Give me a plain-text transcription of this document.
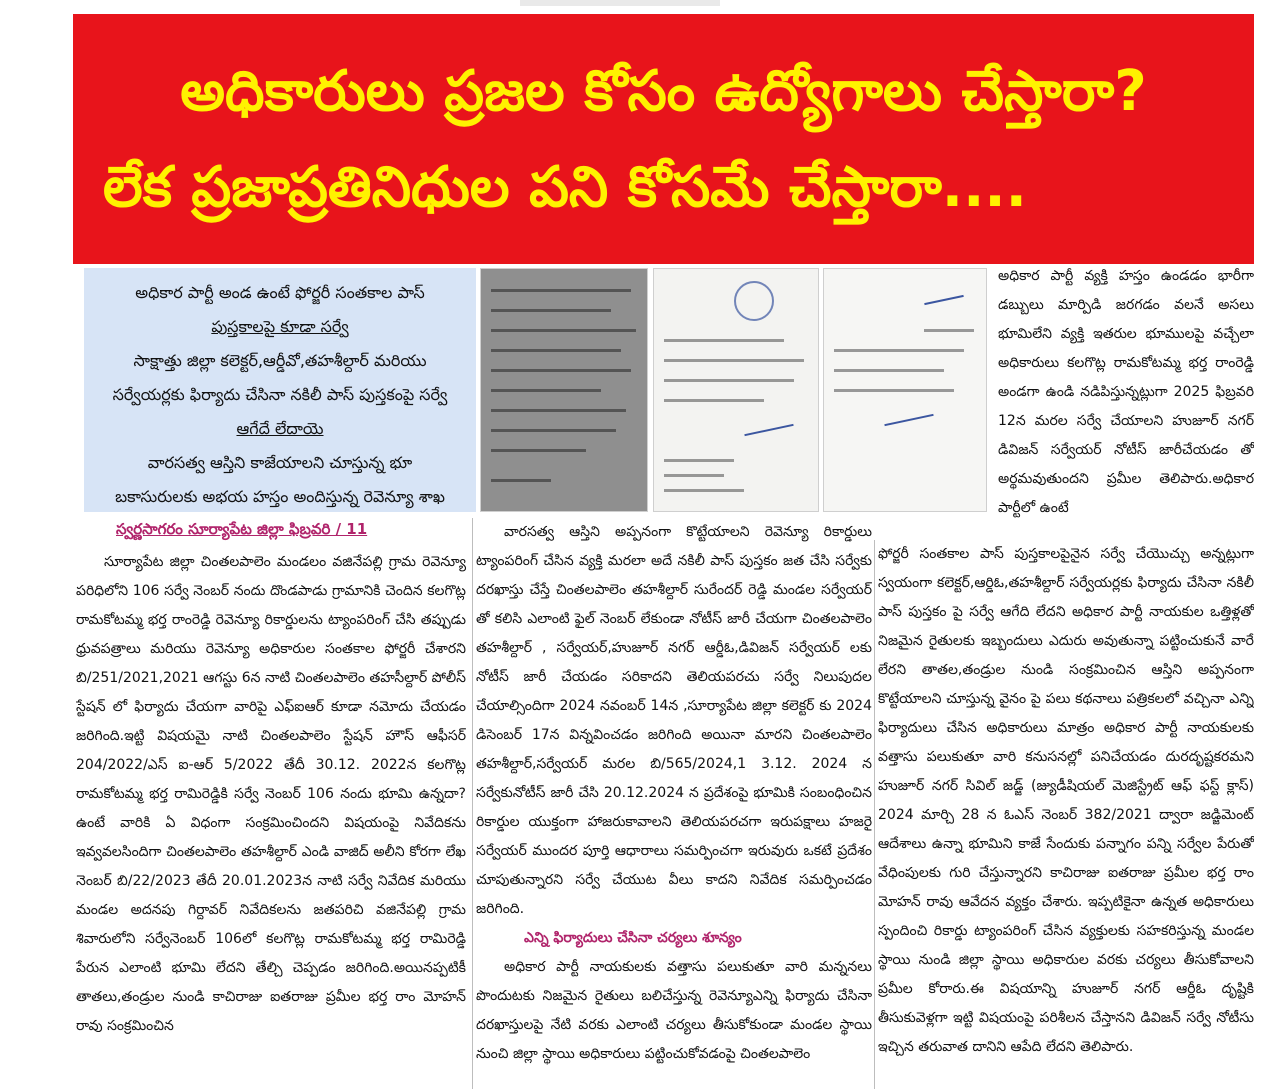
అధికారులు ప్రజల కోసం ఉద్యోగాలు చేస్తారా?
లేక ప్రజాప్రతినిధుల పని కోసమే చేస్తారా....
అధికార పార్టీ అండ ఉంటే ఫోర్జరీ సంతకాల పాస్
పుస్తకాలపై కూడా సర్వే
సాక్షాత్తు జిల్లా కలెక్టర్,ఆర్డీవో,తహశీల్దార్ మరియు
సర్వేయర్లకు ఫిర్యాదు చేసినా నకిలీ పాస్ పుస్తకంపై సర్వే
ఆగేదే లేదాయె
వారసత్వ ఆస్తిని కాజేయాలని చూస్తున్న భూ
బకాసురులకు అభయ హస్తం అందిస్తున్న రెవెన్యూ శాఖ

అధికార పార్టీ వ్యక్తి హస్తం ఉండడం భారీగా డబ్బులు మార్పిడి జరగడం వలనే అసలు భూమిలేని వ్యక్తి ఇతరుల భూములపై వచ్చేలా అధికారులు కలగొట్ల రామకోటమ్మ భర్త రాంరెడ్డి అండగా ఉండి నడిపిస్తున్నట్లుగా 2025 ఫిబ్రవరి 12న మరల సర్వే చేయాలని హుజూర్ నగర్ డివిజన్ సర్వేయర్ నోటీస్ జారీచేయడం తో అర్థమవుతుందని ప్రమీల తెలిపారు.అధికార పార్టీలో ఉంటే

స్వర్ణసాగరం సూర్యాపేట జిల్లా ఫిబ్రవరి / 11

సూర్యాపేట జిల్లా చింతలపాలెం మండలం వజినేపల్లి గ్రామ రెవెన్యూ పరిధిలోని 106 సర్వే నెంబర్ నందు దొండపాడు గ్రామానికి చెందిన కలగొట్ల రామకోటమ్మ భర్త రాంరెడ్డి రెవెన్యూ రికార్డులను ట్యాంపరింగ్ చేసి తప్పుడు ధ్రువపత్రాలు మరియు రెవెన్యూ అధికారుల సంతకాల ఫోర్జరీ చేశారని బి/251/2021,2021 ఆగస్టు 6న నాటి చింతలపాలెం తహసీల్దార్ పోలీస్ స్టేషన్ లో ఫిర్యాదు చేయగా వారిపై ఎఫ్ఐఆర్ కూడా నమోదు చేయడం జరిగింది.ఇట్టి విషయమై నాటి చింతలపాలెం స్టేషన్ హౌస్ ఆఫీసర్ 204/2022/ఎస్ ఐ-ఆర్ 5/2022 తేదీ 30.12. 2022న కలగొట్ల రామకోటమ్మ భర్త రామిరెడ్డికి సర్వే నెంబర్ 106 నందు భూమి ఉన్నదా? ఉంటే వారికి ఏ విధంగా సంక్రమించిందని విషయంపై నివేదికను ఇవ్వవలసిందిగా చింతలపాలెం తహశీల్దార్ ఎండి వాజిద్ అలీని కోరగా లేఖ నెంబర్ బి/22/2023 తేదీ 20.01.2023న నాటి సర్వే నివేదిక మరియు మండల అదనపు గిర్దావర్ నివేదికలను జతపరిచి వజినేపల్లి గ్రామ శివారులోని సర్వేనెంబర్ 106లో కలగొట్ల రామకోటమ్మ భర్త రామిరెడ్డి పేరున ఎలాంటి భూమి లేదని తేల్చి చెప్పడం జరిగింది.అయినప్పటికీ తాతలు,తండ్రుల నుండి కాచిరాజు ఐతరాజు ప్రమీల భర్త రాం మోహన్ రావు సంక్రమించిన

వారసత్వ ఆస్తిని అప్పనంగా కొట్టేయాలని రెవెన్యూ రికార్డులు ట్యాంపరింగ్ చేసిన వ్యక్తి మరలా అదే నకిలీ పాస్ పుస్తకం జత చేసి సర్వేకు దరఖాస్తు చేస్తే చింతలపాలెం తహశీల్దార్ సురేందర్ రెడ్డి మండల సర్వేయర్ తో కలిసి ఎలాంటి ఫైల్ నెంబర్ లేకుండా నోటీస్ జారీ చేయగా చింతలపాలెం తహశీల్దార్ , సర్వేయర్,హుజూర్ నగర్ ఆర్డీఓ,డివిజన్ సర్వేయర్ లకు నోటీస్ జారీ చేయడం సరికాదని తెలియపరచు సర్వే నిలుపుదల చేయాల్సిందిగా 2024 నవంబర్ 14న ,సూర్యాపేట జిల్లా కలెక్టర్ కు 2024 డిసెంబర్ 17న విన్నవించడం జరిగింది అయినా మారని చింతలపాలెం తహశీల్దార్,సర్వేయర్ మరల బి/565/2024,1 3.12. 2024 న సర్వేకునోటీస్ జారీ చేసి 20.12.2024 న ప్రదేశంపై భూమికి సంబంధించిన రికార్డుల యుక్తంగా హాజరుకావాలని తెలియపరచగా ఇరుపక్షాలు హజరై సర్వేయర్ ముందర పూర్తి ఆధారాలు సమర్పించగా ఇరువురు ఒకటే ప్రదేశం చూపుతున్నారని సర్వే చేయుట వీలు కాదని నివేదిక సమర్పించడం జరిగింది.

ఎన్ని ఫిర్యాదులు చేసినా చర్యలు శూన్యం

అధికార పార్టీ నాయకులకు వత్తాసు పలుకుతూ వారి మన్ననలు పొందుటకు నిజమైన రైతులు బలిచేస్తున్న రెవెన్యూఎన్ని ఫిర్యాదు చేసినా దరఖాస్తులపై నేటి వరకు ఎలాంటి చర్యలు తీసుకోకుండా మండల స్థాయి నుంచి జిల్లా స్థాయి అధికారులు పట్టించుకోవడంపై చింతలపాలెం

ఫోర్జరీ సంతకాల పాస్ పుస్తకాలపైనైన సర్వే చేయొచ్చు అన్నట్లుగా స్వయంగా కలెక్టర్,ఆర్డిఓ,తహశీల్దార్ సర్వేయర్లకు ఫిర్యాదు చేసినా నకిలీ పాస్ పుస్తకం పై సర్వే ఆగేది లేదని అధికార పార్టీ నాయకుల ఒత్తిళ్లతో నిజమైన రైతులకు ఇబ్బందులు ఎదురు అవుతున్నా పట్టించుకునే వారే లేరని తాతల,తండ్రుల నుండి సంక్రమించిన ఆస్తిని అప్పనంగా కొట్టేయాలని చూస్తున్న వైనం పై పలు కథనాలు పత్రికలలో వచ్చినా ఎన్ని ఫిర్యాదులు చేసిన అధికారులు మాత్రం అధికార పార్టీ నాయకులకు వత్తాసు పలుకుతూ వారి కనుసనల్లో పనిచేయడం దురదృష్టకరమని హుజూర్ నగర్ సివిల్ జడ్జ్ (జ్యుడీషియల్ మెజిస్ట్రేట్ ఆఫ్ ఫస్ట్ క్లాస్) 2024 మార్చి 28 న ఓఎస్ నెంబర్ 382/2021 ద్వారా జడ్జిమెంట్ ఆదేశాలు ఉన్నా భూమిని కాజే సేందుకు పన్నాగం పన్ని సర్వేల పేరుతో వేధింపులకు గురి చేస్తున్నారని కాచిరాజు ఐతరాజు ప్రమీల భర్త రాం మోహన్ రావు ఆవేదన వ్యక్తం చేశారు. ఇప్పటికైనా ఉన్నత అధికారులు స్పందించి రికార్డు ట్యాంపరింగ్ చేసిన వ్యక్తులకు సహకరిస్తున్న మండల స్థాయి నుండి జిల్లా స్థాయి అధికారుల వరకు చర్యలు తీసుకోవాలని ప్రమీల కోరారు.ఈ విషయాన్ని హుజూర్ నగర్ ఆర్డీఓ దృష్టికి తీసుకువెళ్లగా ఇట్టి విషయంపై పరిశీలన చేస్తానని డివిజన్ సర్వే నోటీసు ఇచ్చిన తరువాత దానిని ఆపేది లేదని తెలిపారు.
